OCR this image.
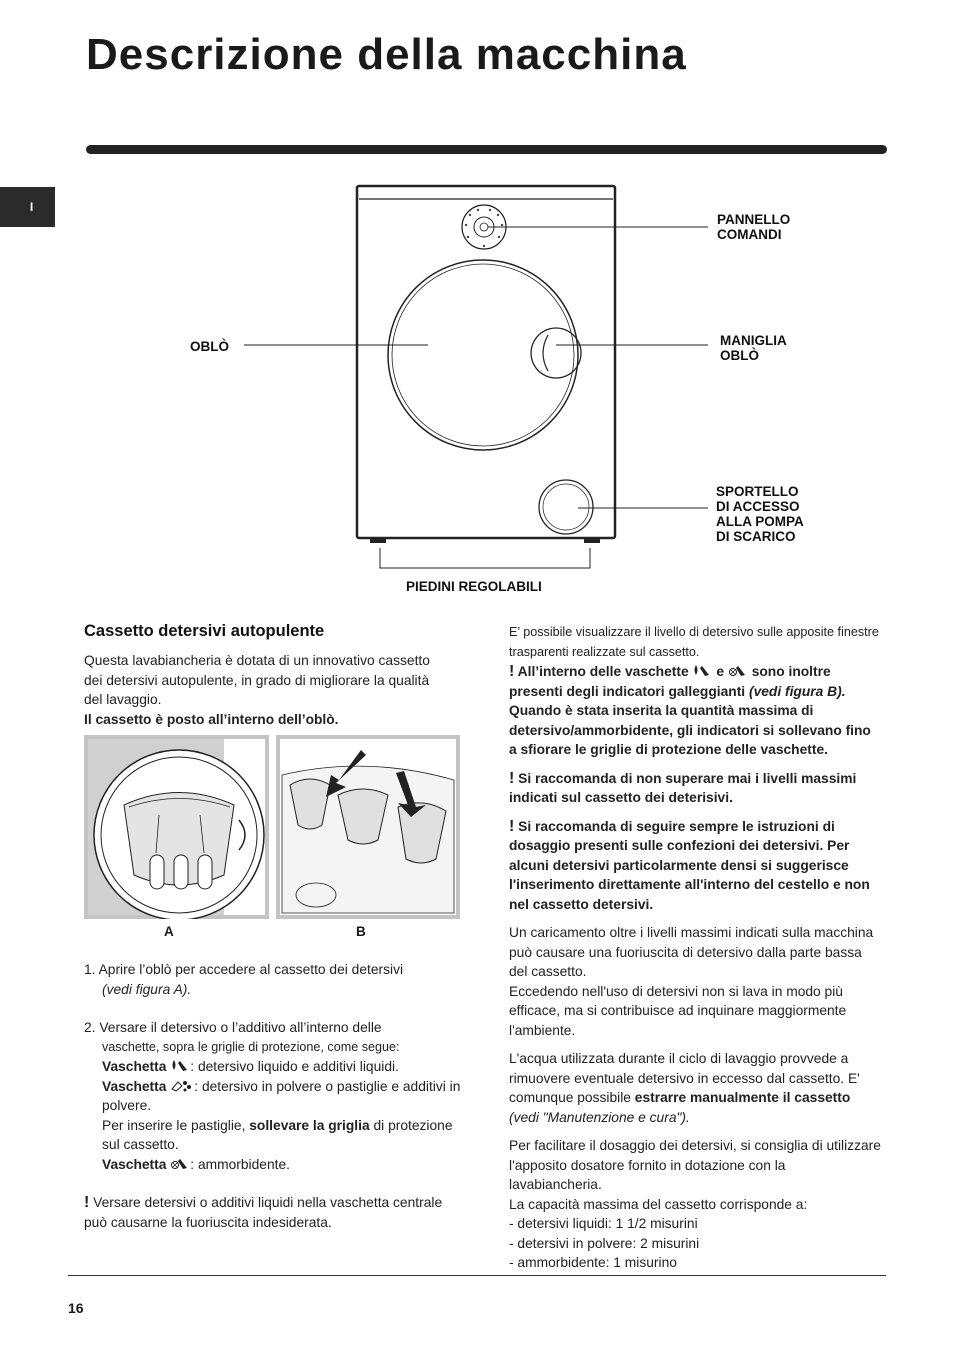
Descrizione della macchina
I
PANNELLO
COMANDI
OBLÒ	MANIGLIA
OBLÒ
SPORTELLO
DI ACCESSO
ALLA POMPA
DI SCARICO
PIEDINI REGOLABILI
Cassetto detersivi autopulente

Questa lavabiancheria è dotata di un innovativo cassetto dei detersivi autopulente, in grado di migliorare la qualità del lavaggio.

Il cassetto è posto all’interno dell’oblò.

A	B

1. Aprire l’oblò per accedere al cassetto dei detersivi

(vedi figura A).

2. Versare il detersivo o l’additivo all’interno delle

vaschette, sopra le griglie di protezione, come segue:

Vaschetta : detersivo liquido e additivi liquidi.

Vaschetta : detersivo in polvere o pastiglie e additivi in polvere.

Per inserire le pastiglie, sollevare la griglia di protezione sul cassetto.

Vaschetta : ammorbidente.

! Versare detersivi o additivi liquidi nella vaschetta centrale può causarne la fuoriuscita indesiderata.

E’ possibile visualizzare il livello di detersivo sulle apposite finestre trasparenti realizzate sul cassetto.

! All’interno delle vaschette e sono inoltre presenti degli indicatori galleggianti (vedi figura B). Quando è stata inserita la quantità massima di detersivo/ammorbidente, gli indicatori si sollevano fino a sfiorare le griglie di protezione delle vaschette.

! Si raccomanda di non superare mai i livelli massimi indicati sul cassetto dei deterisivi.

! Si raccomanda di seguire sempre le istruzioni di dosaggio presenti sulle confezioni dei detersivi. Per alcuni detersivi particolarmente densi si suggerisce l'inserimento direttamente all'interno del cestello e non nel cassetto detersivi.

Un caricamento oltre i livelli massimi indicati sulla macchina può causare una fuoriuscita di detersivo dalla parte bassa del cassetto.

Eccedendo nell'uso di detersivi non si lava in modo più efficace, ma si contribuisce ad inquinare maggiormente l'ambiente.

L'acqua utilizzata durante il ciclo di lavaggio provvede a rimuovere eventuale detersivo in eccesso dal cassetto. E' comunque possibile estrarre manualmente il cassetto (vedi "Manutenzione e cura").

Per facilitare il dosaggio dei detersivi, si consiglia di utilizzare l'apposito dosatore fornito in dotazione con la lavabiancheria.

La capacità massima del cassetto corrisponde a:

- detersivi liquidi: 1 1/2 misurini

- detersivi in polvere: 2 misurini

- ammorbidente: 1 misurino

16
